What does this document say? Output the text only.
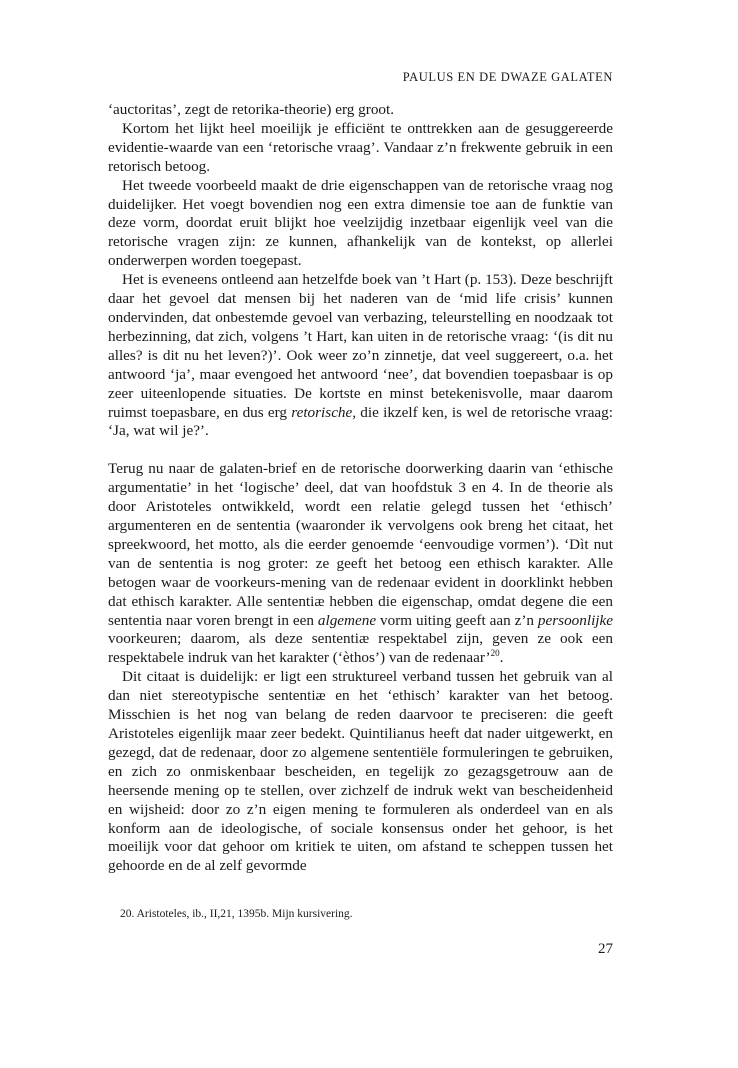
PAULUS EN DE DWAZE GALATEN

‘auctoritas’, zegt de retorika-theorie) erg groot.

Kortom het lijkt heel moeilijk je efficiënt te onttrekken aan de gesuggereerde evidentie-waarde van een ‘retorische vraag’. Vandaar z’n frekwente gebruik in een retorisch betoog.

Het tweede voorbeeld maakt de drie eigenschappen van de retorische vraag nog duidelijker. Het voegt bovendien nog een extra dimensie toe aan de funktie van deze vorm, doordat eruit blijkt hoe veelzijdig inzetbaar eigenlijk veel van die retorische vragen zijn: ze kunnen, afhankelijk van de kontekst, op allerlei onderwerpen worden toegepast.

Het is eveneens ontleend aan hetzelfde boek van ’t Hart (p. 153). Deze beschrijft daar het gevoel dat mensen bij het naderen van de ‘mid life crisis’ kunnen ondervinden, dat onbestemde gevoel van verbazing, teleurstelling en noodzaak tot herbezinning, dat zich, volgens ’t Hart, kan uiten in de retorische vraag: ‘(is dit nu alles? is dit nu het leven?)’. Ook weer zo’n zinnetje, dat veel suggereert, o.a. het antwoord ‘ja’, maar evengoed het antwoord ‘nee’, dat bovendien toepasbaar is op zeer uiteenlopende situaties. De kortste en minst betekenisvolle, maar daarom ruimst toepasbare, en dus erg retorische, die ikzelf ken, is wel de retorische vraag: ‘Ja, wat wil je?’.

Terug nu naar de galaten-brief en de retorische doorwerking daarin van ‘ethische argumentatie’ in het ‘logische’ deel, dat van hoofdstuk 3 en 4. In de theorie als door Aristoteles ontwikkeld, wordt een relatie gelegd tussen het ‘ethisch’ argumenteren en de sententia (waaronder ik vervolgens ook breng het citaat, het spreekwoord, het motto, als die eerder genoemde ‘eenvoudige vormen’). ‘Dìt nut van de sententia is nog groter: ze geeft het betoog een ethisch karakter. Alle betogen waar de voorkeurs-mening van de redenaar evident in doorklinkt hebben dat ethisch karakter. Alle sententiæ hebben die eigenschap, omdat degene die een sententia naar voren brengt in een algemene vorm uiting geeft aan z’n persoonlijke voorkeuren; daarom, als deze sententiæ respektabel zijn, geven ze ook een respektabele indruk van het karakter (‘èthos’) van de redenaar’$^{20}$.

Dit citaat is duidelijk: er ligt een struktureel verband tussen het gebruik van al dan niet stereotypische sententiæ en het ‘ethisch’ karakter van het betoog. Misschien is het nog van belang de reden daarvoor te preciseren: die geeft Aristoteles eigenlijk maar zeer bedekt. Quintilianus heeft dat nader uitgewerkt, en gezegd, dat de redenaar, door zo algemene sententiële formuleringen te gebruiken, en zich zo onmiskenbaar bescheiden, en tegelijk zo gezagsgetrouw aan de heersende mening op te stellen, over zichzelf de indruk wekt van bescheidenheid en wijsheid: door zo z’n eigen mening te formuleren als onderdeel van en als konform aan de ideologische, of sociale konsensus onder het gehoor, is het moeilijk voor dat gehoor om kritiek te uiten, om afstand te scheppen tussen het gehoorde en de al zelf gevormde

20. Aristoteles, ib., II,21, 1395b. Mijn kursivering.
27
